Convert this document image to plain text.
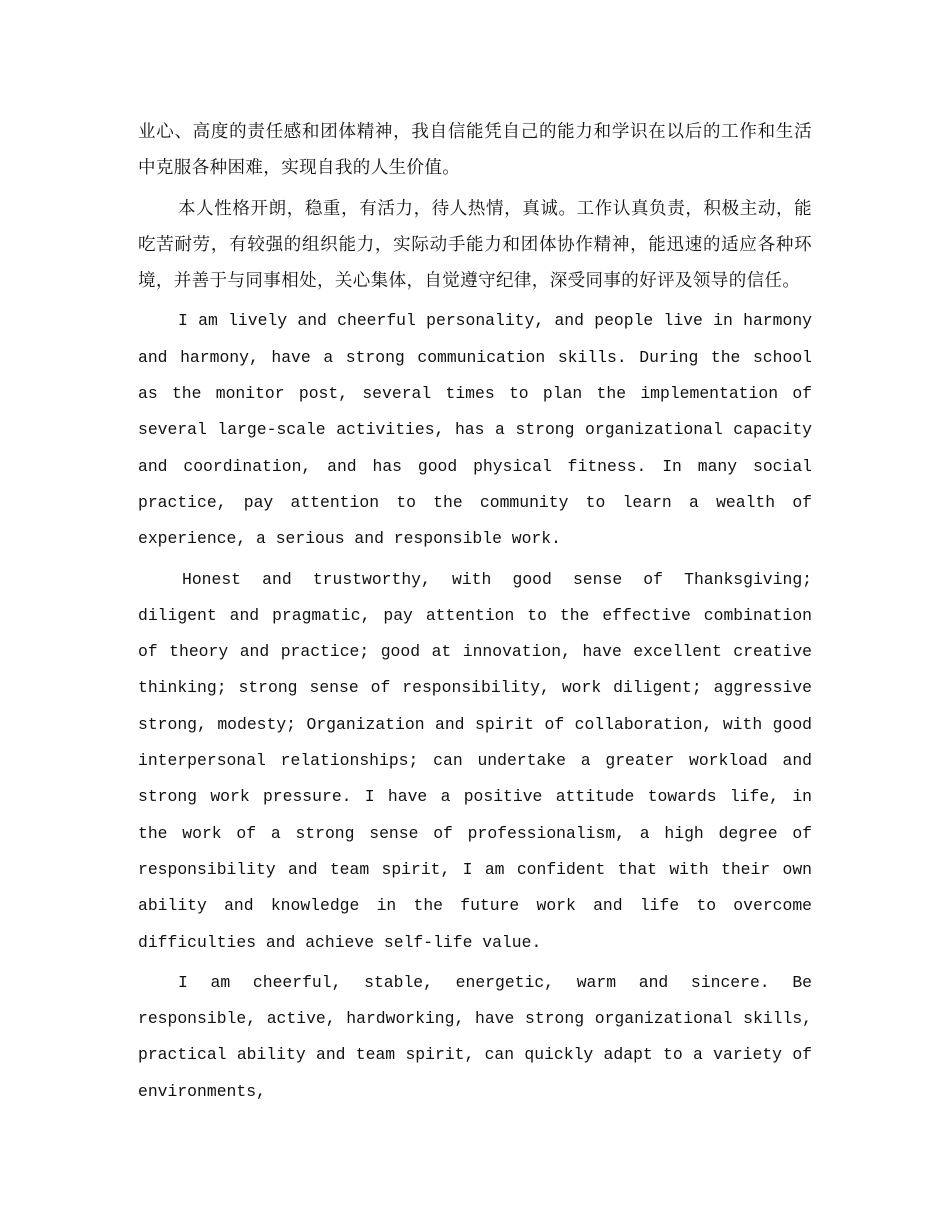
业心、高度的责任感和团体精神，我自信能凭自己的能力和学识在以后的工作和生活中克服各种困难，实现自我的人生价值。

本人性格开朗，稳重，有活力，待人热情，真诚。工作认真负责，积极主动，能吃苦耐劳，有较强的组织能力，实际动手能力和团体协作精神，能迅速的适应各种环境，并善于与同事相处，关心集体，自觉遵守纪律，深受同事的好评及领导的信任。

I am lively and cheerful personality, and people live in harmony and harmony, have a strong communication skills. During the school as the monitor post, several times to plan the implementation of several large-scale activities, has a strong organizational capacity and coordination, and has good physical fitness. In many social practice, pay attention to the community to learn a wealth of experience, a serious and responsible work.

Honest and trustworthy, with good sense of Thanksgiving; diligent and pragmatic, pay attention to the effective combination of theory and practice; good at innovation, have excellent creative thinking; strong sense of responsibility, work diligent; aggressive strong, modesty; Organization and spirit of collaboration, with good interpersonal relationships; can undertake a greater workload and strong work pressure. I have a positive attitude towards life, in the work of a strong sense of professionalism, a high degree of responsibility and team spirit, I am confident that with their own ability and knowledge in the future work and life to overcome difficulties and achieve self-life value.

I am cheerful, stable, energetic, warm and sincere. Be responsible, active, hardworking, have strong organizational skills, practical ability and team spirit, can quickly adapt to a variety of environments,
